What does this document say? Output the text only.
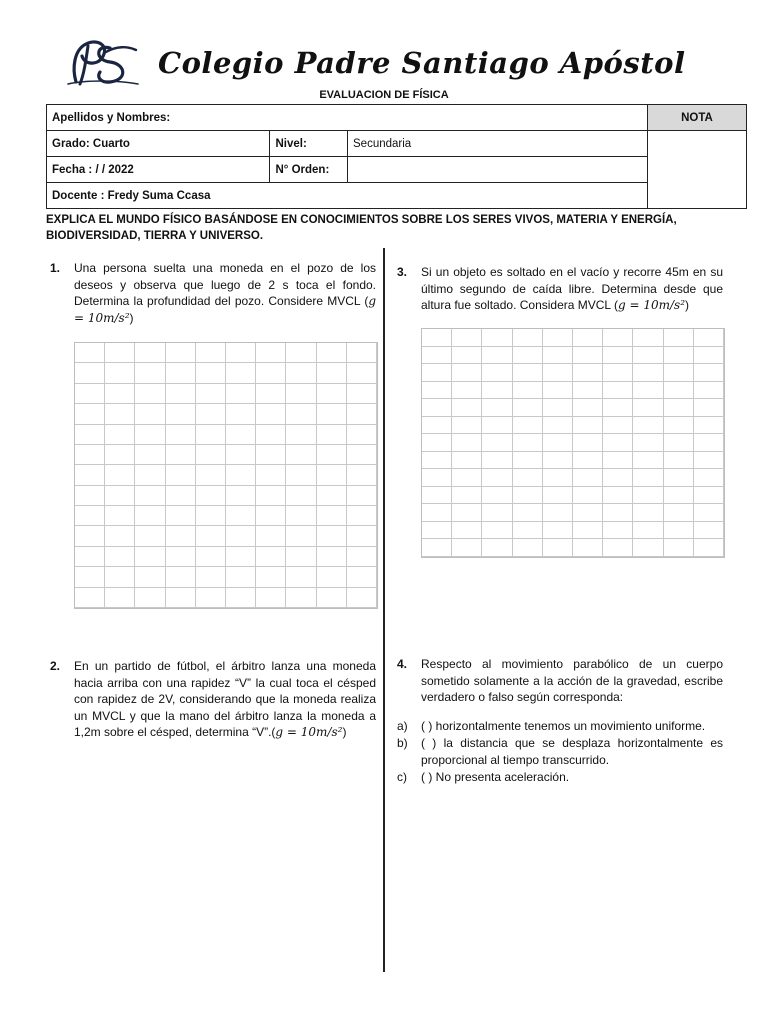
Colegio Padre Santiago Apóstol

EVALUACION DE FÍSICA

Apellidos y Nombres:			NOTA
Grado: Cuarto	Nivel:	Secundaria	
Fecha : / / 2022	N° Orden:		
Docente : Fredy Suma Ccasa			

EXPLICA EL MUNDO FÍSICO BASÁNDOSE EN CONOCIMIENTOS SOBRE LOS SERES VIVOS, MATERIA Y ENERGÍA, BIODIVERSIDAD, TIERRA Y UNIVERSO.

1. Una persona suelta una moneda en el pozo de los deseos y observa que luego de 2 s toca el fondo. Determina la profundidad del pozo. Considere MVCL (g = 10m/s²)

2. En un partido de fútbol, el árbitro lanza una moneda hacia arriba con una rapidez “V” la cual toca el césped con rapidez de 2V, considerando que la moneda realiza un MVCL y que la mano del árbitro lanza la moneda a 1,2m sobre el césped, determina “V”.(g = 10m/s²)

3. Si un objeto es soltado en el vacío y recorre 45m en su último segundo de caída libre. Determina desde que altura fue soltado. Considera MVCL (g = 10m/s²)

4. Respecto al movimiento parabólico de un cuerpo sometido solamente a la acción de la gravedad, escribe verdadero o falso según corresponda:

a) ( ) horizontalmente tenemos un movimiento uniforme.
b) ( ) la distancia que se desplaza horizontalmente es proporcional al tiempo transcurrido.
c) ( ) No presenta aceleración.
